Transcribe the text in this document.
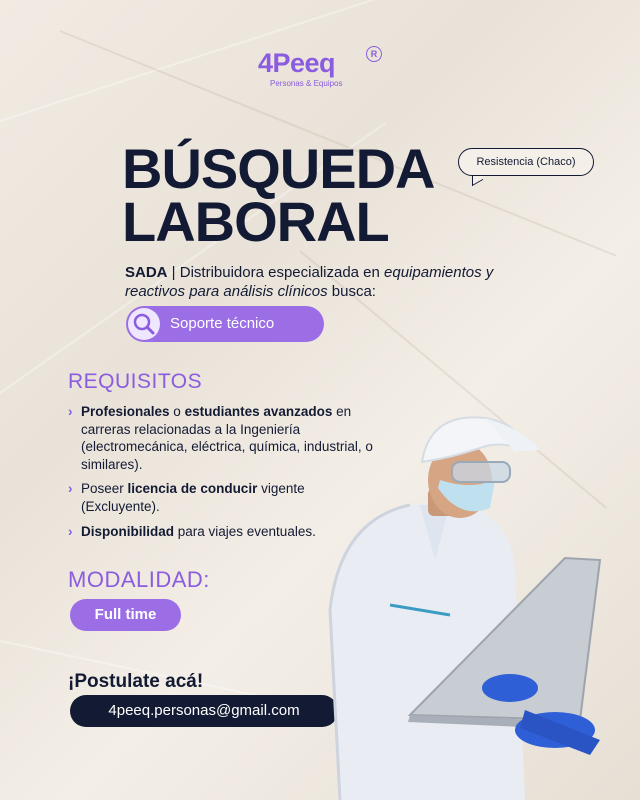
4Peeq	R
Personas & Equipos
BÚSQUEDA
LABORAL
Resistencia (Chaco)
SADA | Distribuidora especializada en equipamientos y reactivos para análisis clínicos busca:
Soporte técnico
REQUISITOS
› Profesionales o estudiantes avanzados en carreras relacionadas a la Ingeniería (electromecánica, eléctrica, química, industrial, o similares).
› Poseer licencia de conducir vigente (Excluyente).
› Disponibilidad para viajes eventuales.
MODALIDAD:
Full time
¡Postulate acá!
4peeq.personas@gmail.com
